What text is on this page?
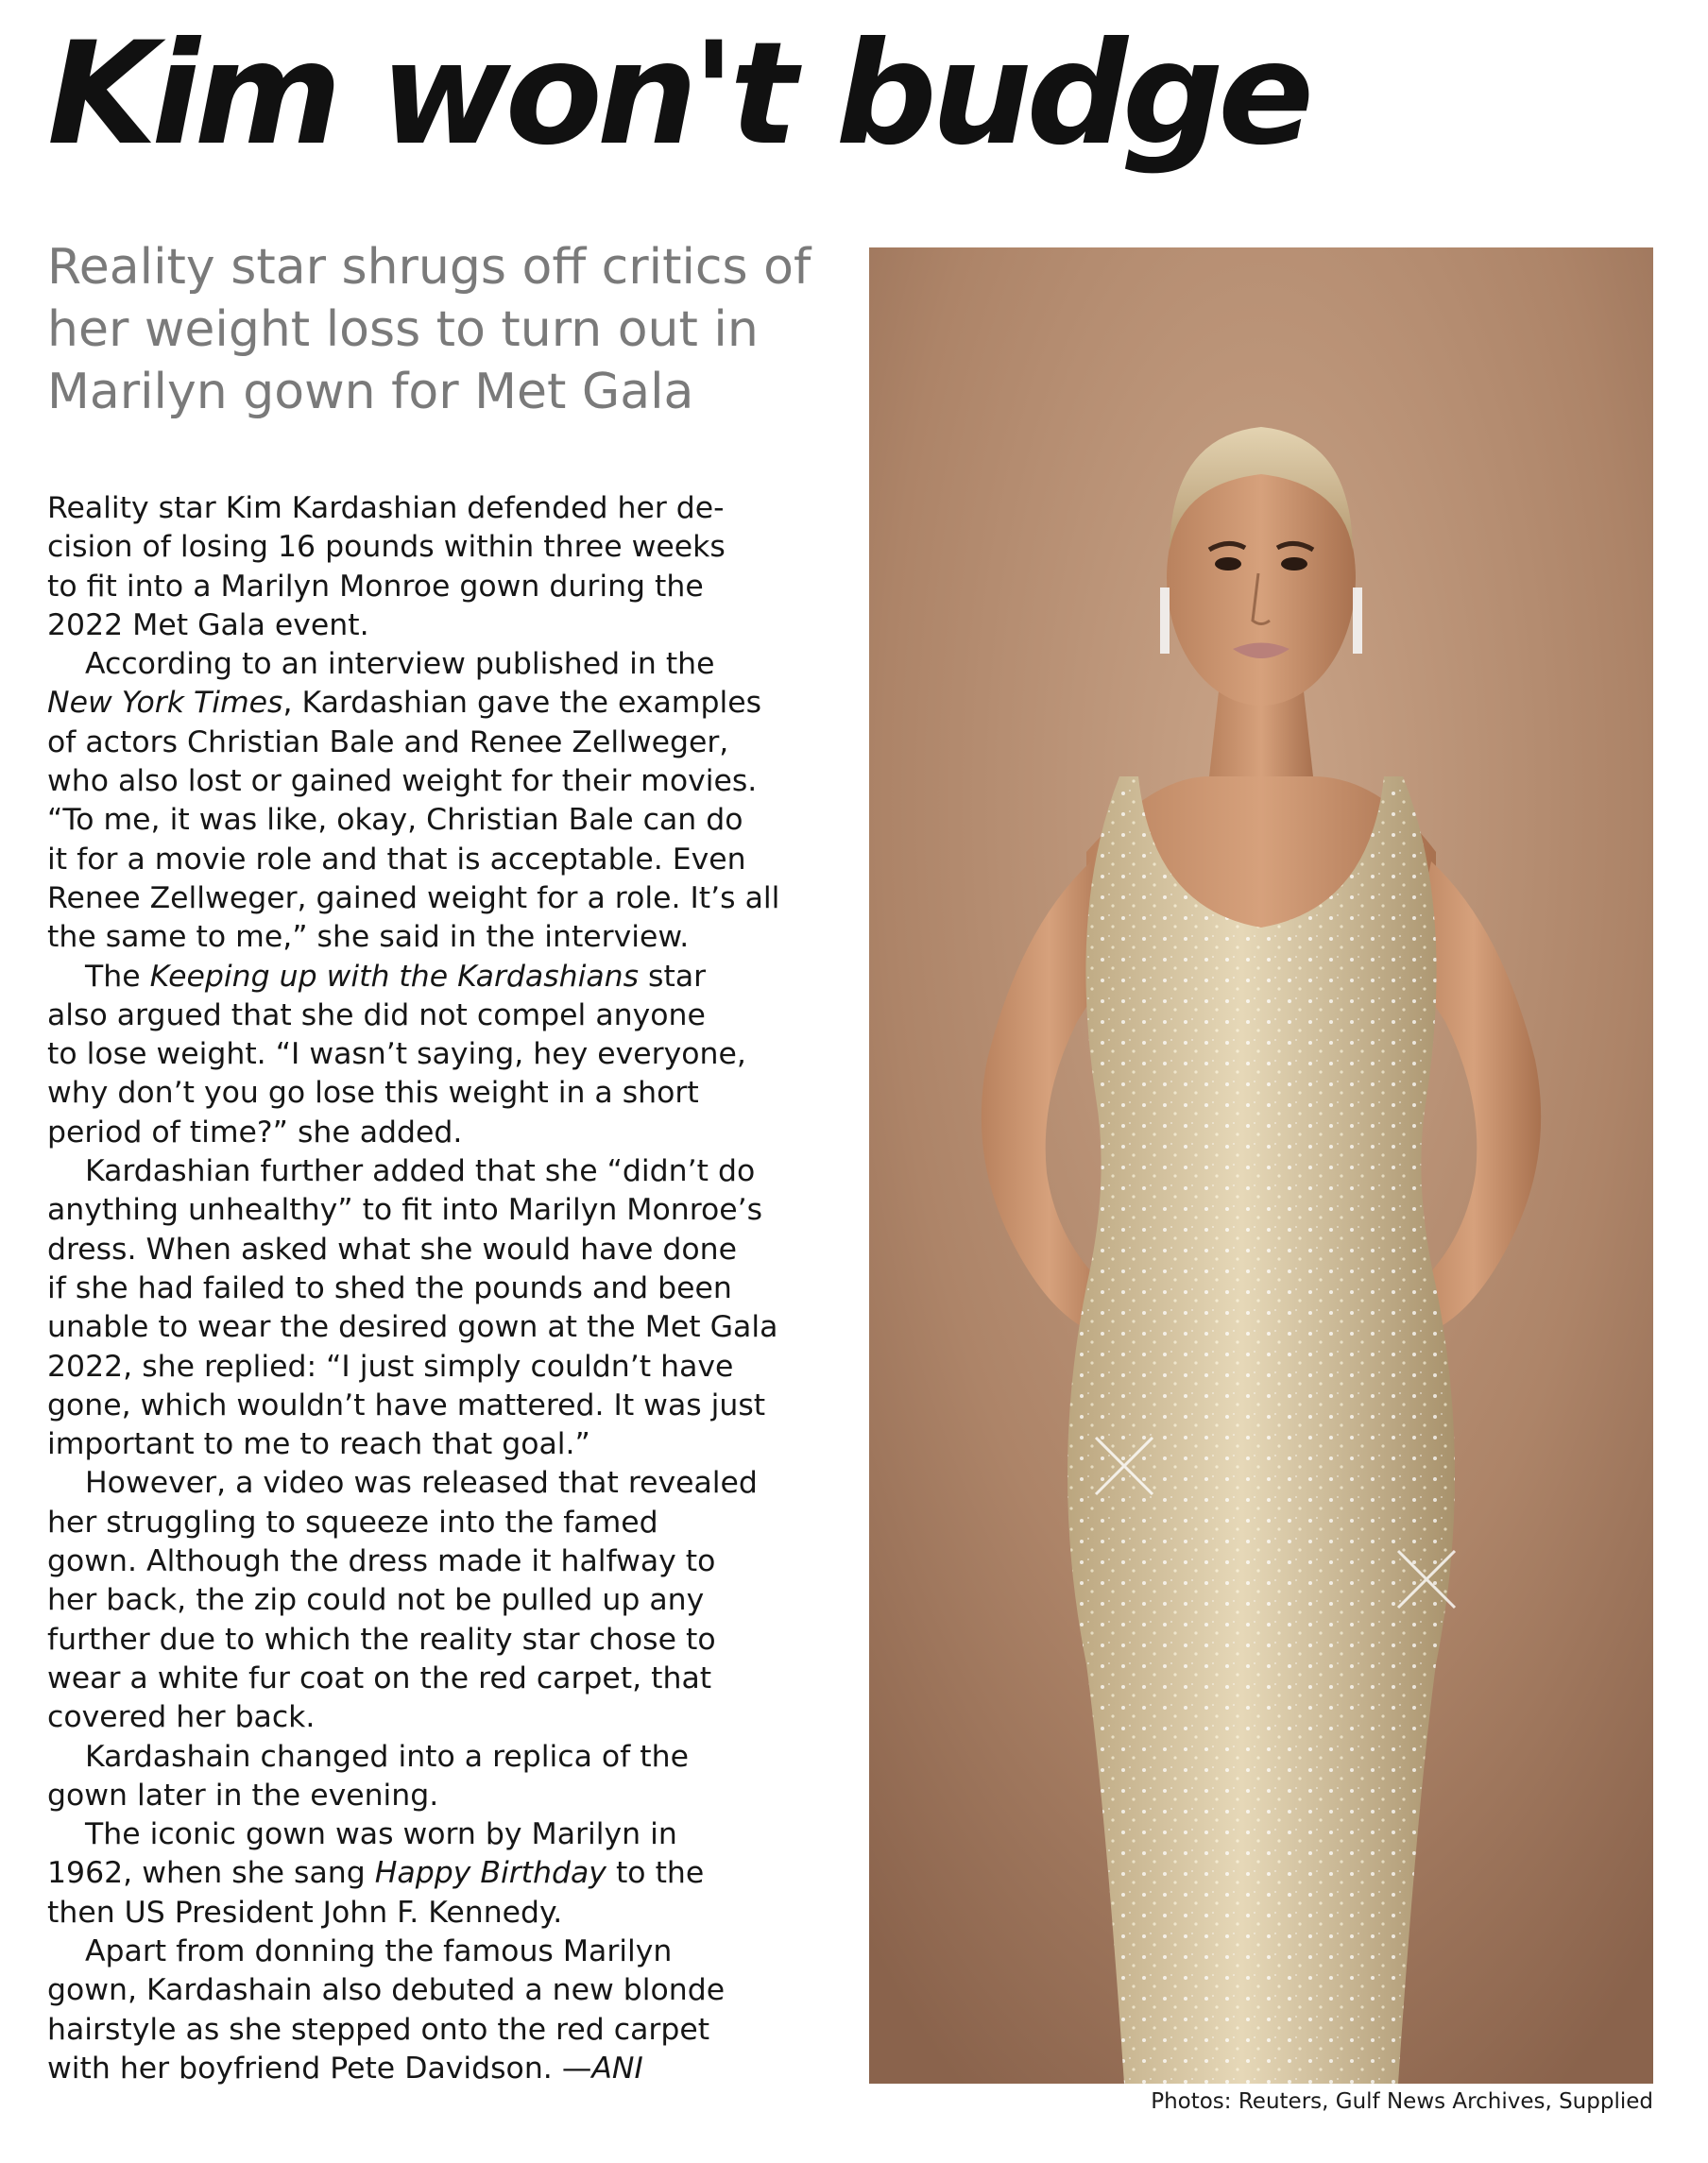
Kim won't budge
Reality star shrugs off critics of her weight loss to turn out in Marilyn gown for Met Gala

Reality star Kim Kardashian defended her de-
cision of losing 16 pounds within three weeks
to fit into a Marilyn Monroe gown during the
2022 Met Gala event.

According to an interview published in the
New York Times, Kardashian gave the examples
of actors Christian Bale and Renee Zellweger,
who also lost or gained weight for their movies.
“To me, it was like, okay, Christian Bale can do
it for a movie role and that is acceptable. Even
Renee Zellweger, gained weight for a role. It’s all
the same to me,” she said in the interview.

The Keeping up with the Kardashians star
also argued that she did not compel anyone
to lose weight. “I wasn’t saying, hey everyone,
why don’t you go lose this weight in a short
period of time?” she added.

Kardashian further added that she “didn’t do
anything unhealthy” to fit into Marilyn Monroe’s
dress. When asked what she would have done
if she had failed to shed the pounds and been
unable to wear the desired gown at the Met Gala
2022, she replied: “I just simply couldn’t have
gone, which wouldn’t have mattered. It was just
important to me to reach that goal.”

However, a video was released that revealed
her struggling to squeeze into the famed
gown. Although the dress made it halfway to
her back, the zip could not be pulled up any
further due to which the reality star chose to
wear a white fur coat on the red carpet, that
covered her back.

Kardashain changed into a replica of the
gown later in the evening.

The iconic gown was worn by Marilyn in
1962, when she sang Happy Birthday to the
then US President John F. Kennedy.

Apart from donning the famous Marilyn
gown, Kardashain also debuted a new blonde
hairstyle as she stepped onto the red carpet
with her boyfriend Pete Davidson. —ANI

Photos: Reuters, Gulf News Archives, Supplied
